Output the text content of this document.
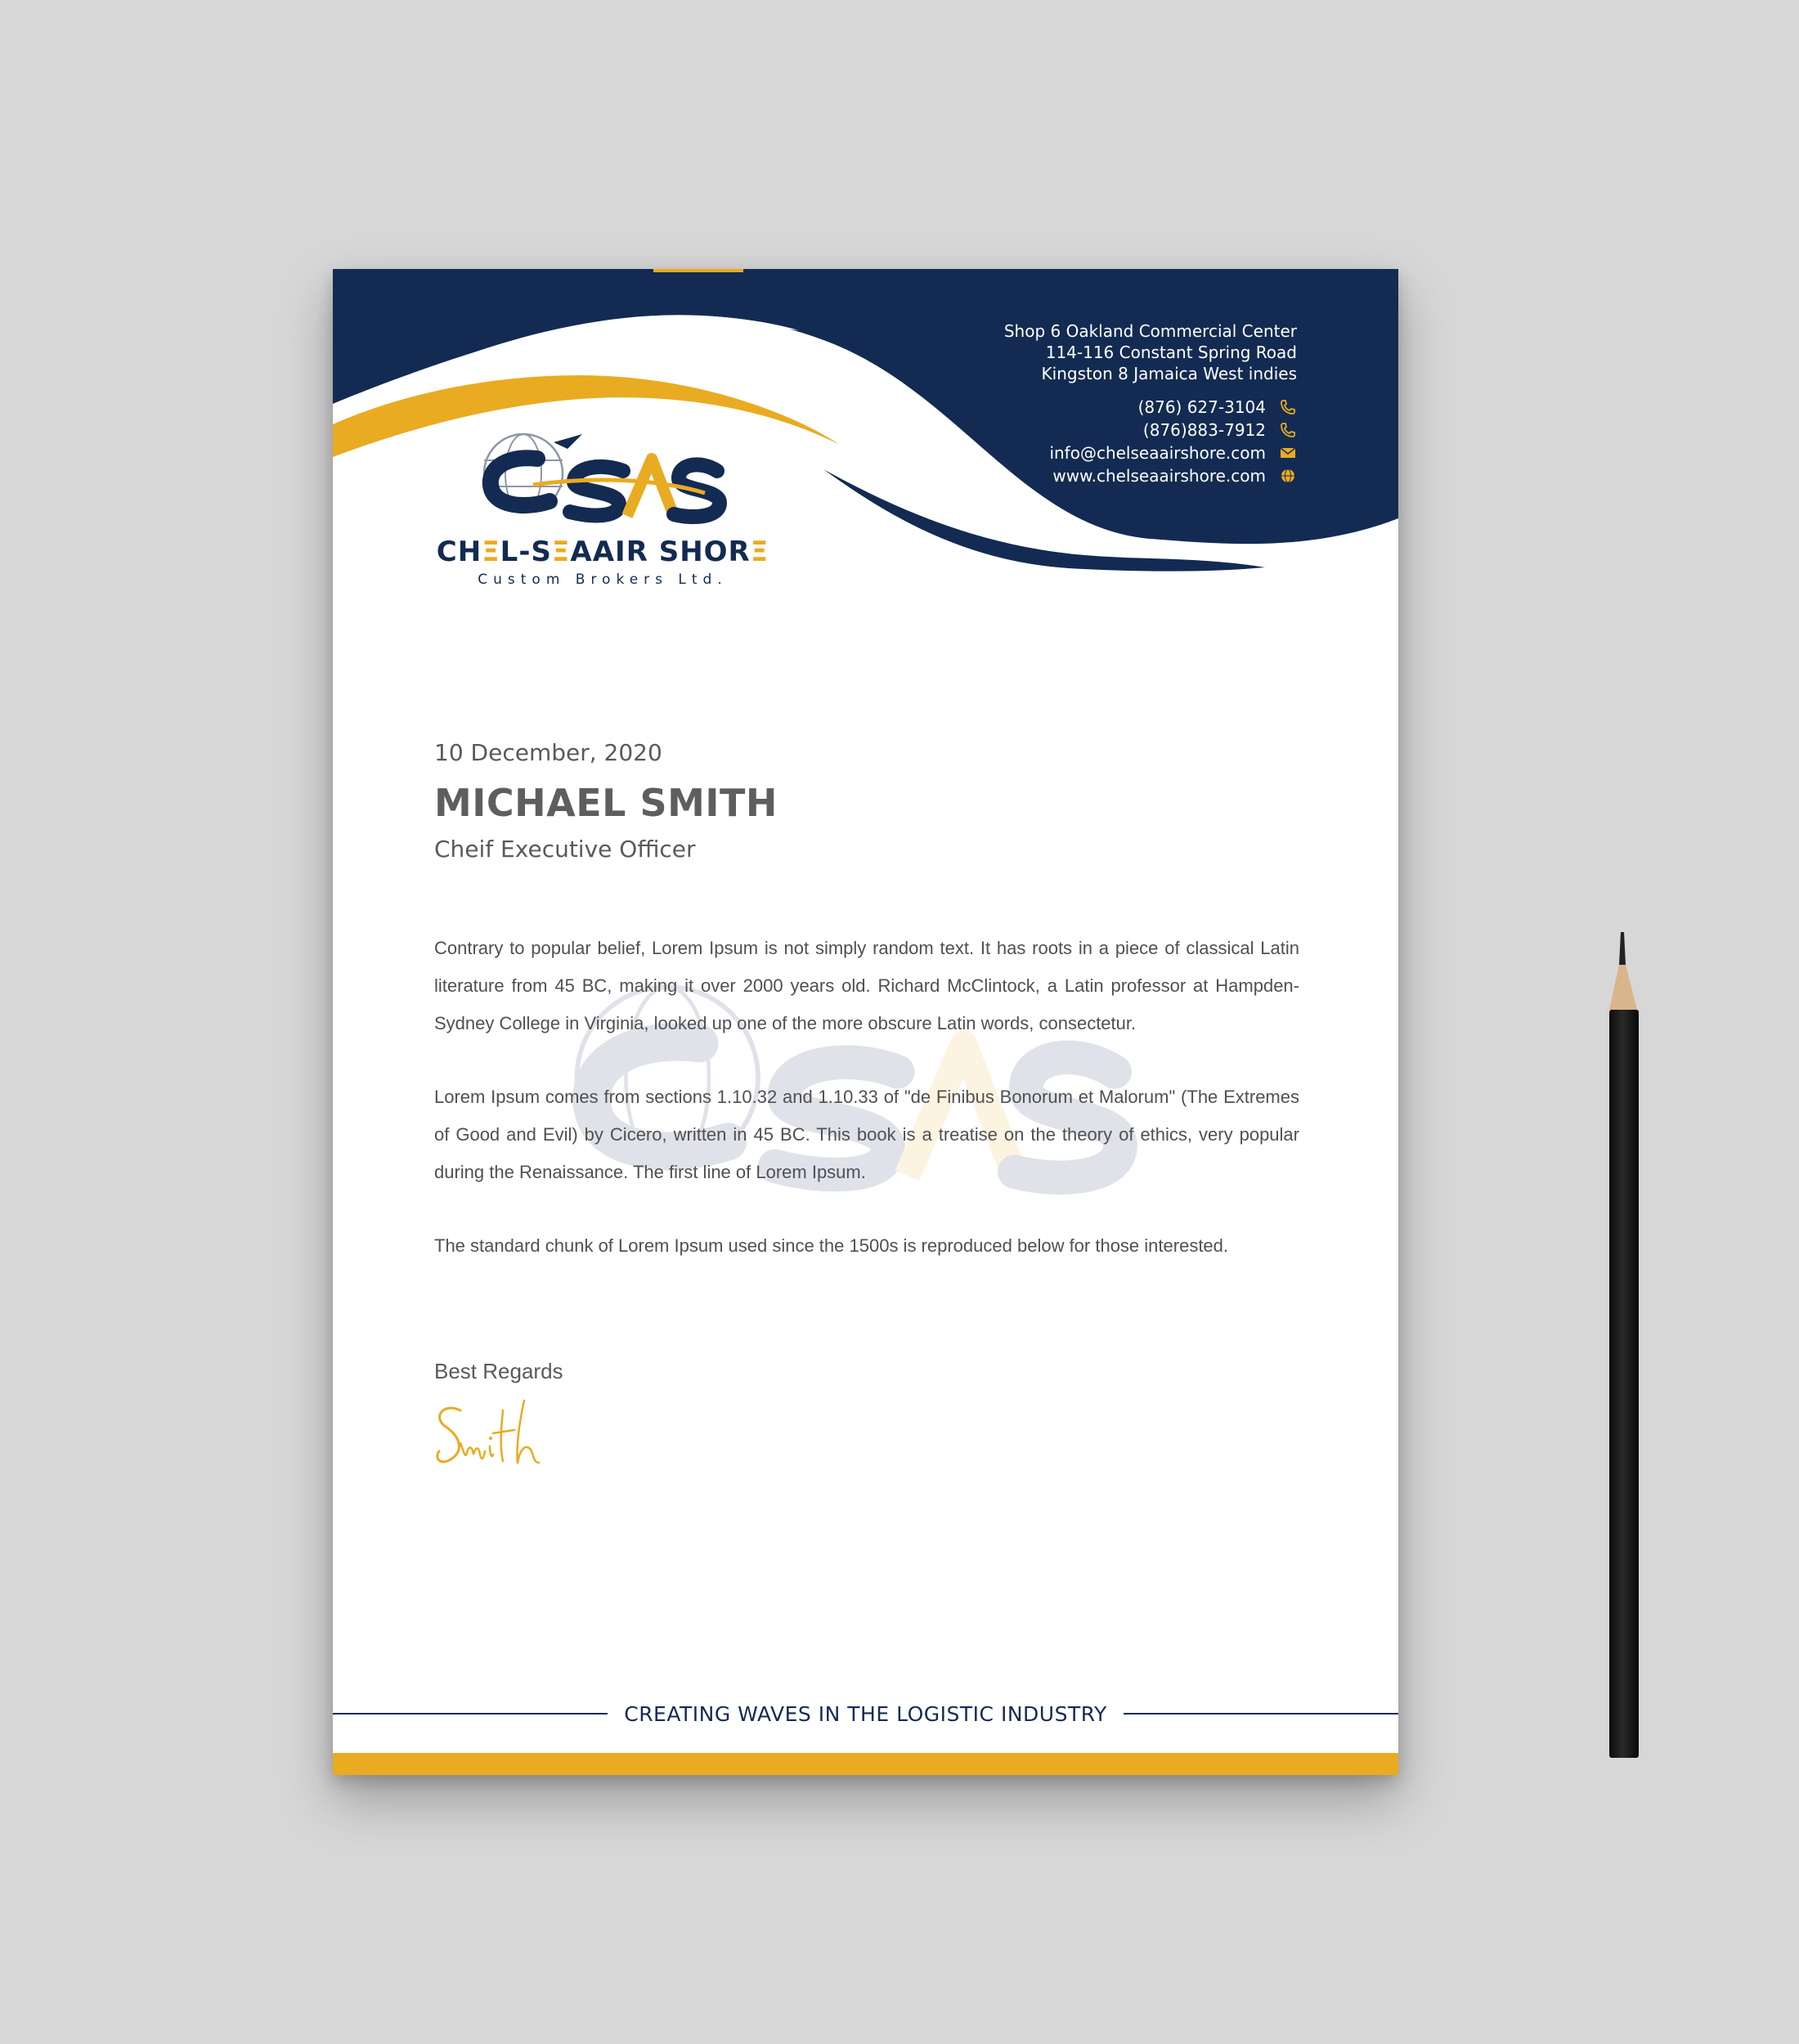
Shop 6 Oakland Commercial Center
114-116 Constant Spring Road
Kingston 8 Jamaica West indies
(876) 627-3104
(876)883-7912
info@chelseaairshore.com
www.chelseaairshore.com
CHΞL-SΞAAIR SHORΞ
Custom Brokers Ltd.
10 December, 2020
MICHAEL SMITH
Cheif Executive Officer

Contrary to popular belief, Lorem Ipsum is not simply random text. It has roots in a piece of classical Latin literature from 45 BC, making it over 2000 years old. Richard McClintock, a Latin professor at Hampden-Sydney College in Virginia, looked up one of the more obscure Latin words, consectetur.

Lorem Ipsum comes from sections 1.10.32 and 1.10.33 of "de Finibus Bonorum et Malorum" (The Extremes of Good and Evil) by Cicero, written in 45 BC. This book is a treatise on the theory of ethics, very popular during the Renaissance. The first line of Lorem Ipsum.

The standard chunk of Lorem Ipsum used since the 1500s is reproduced below for those interested.

Best Regards
CREATING WAVES IN THE LOGISTIC INDUSTRY
